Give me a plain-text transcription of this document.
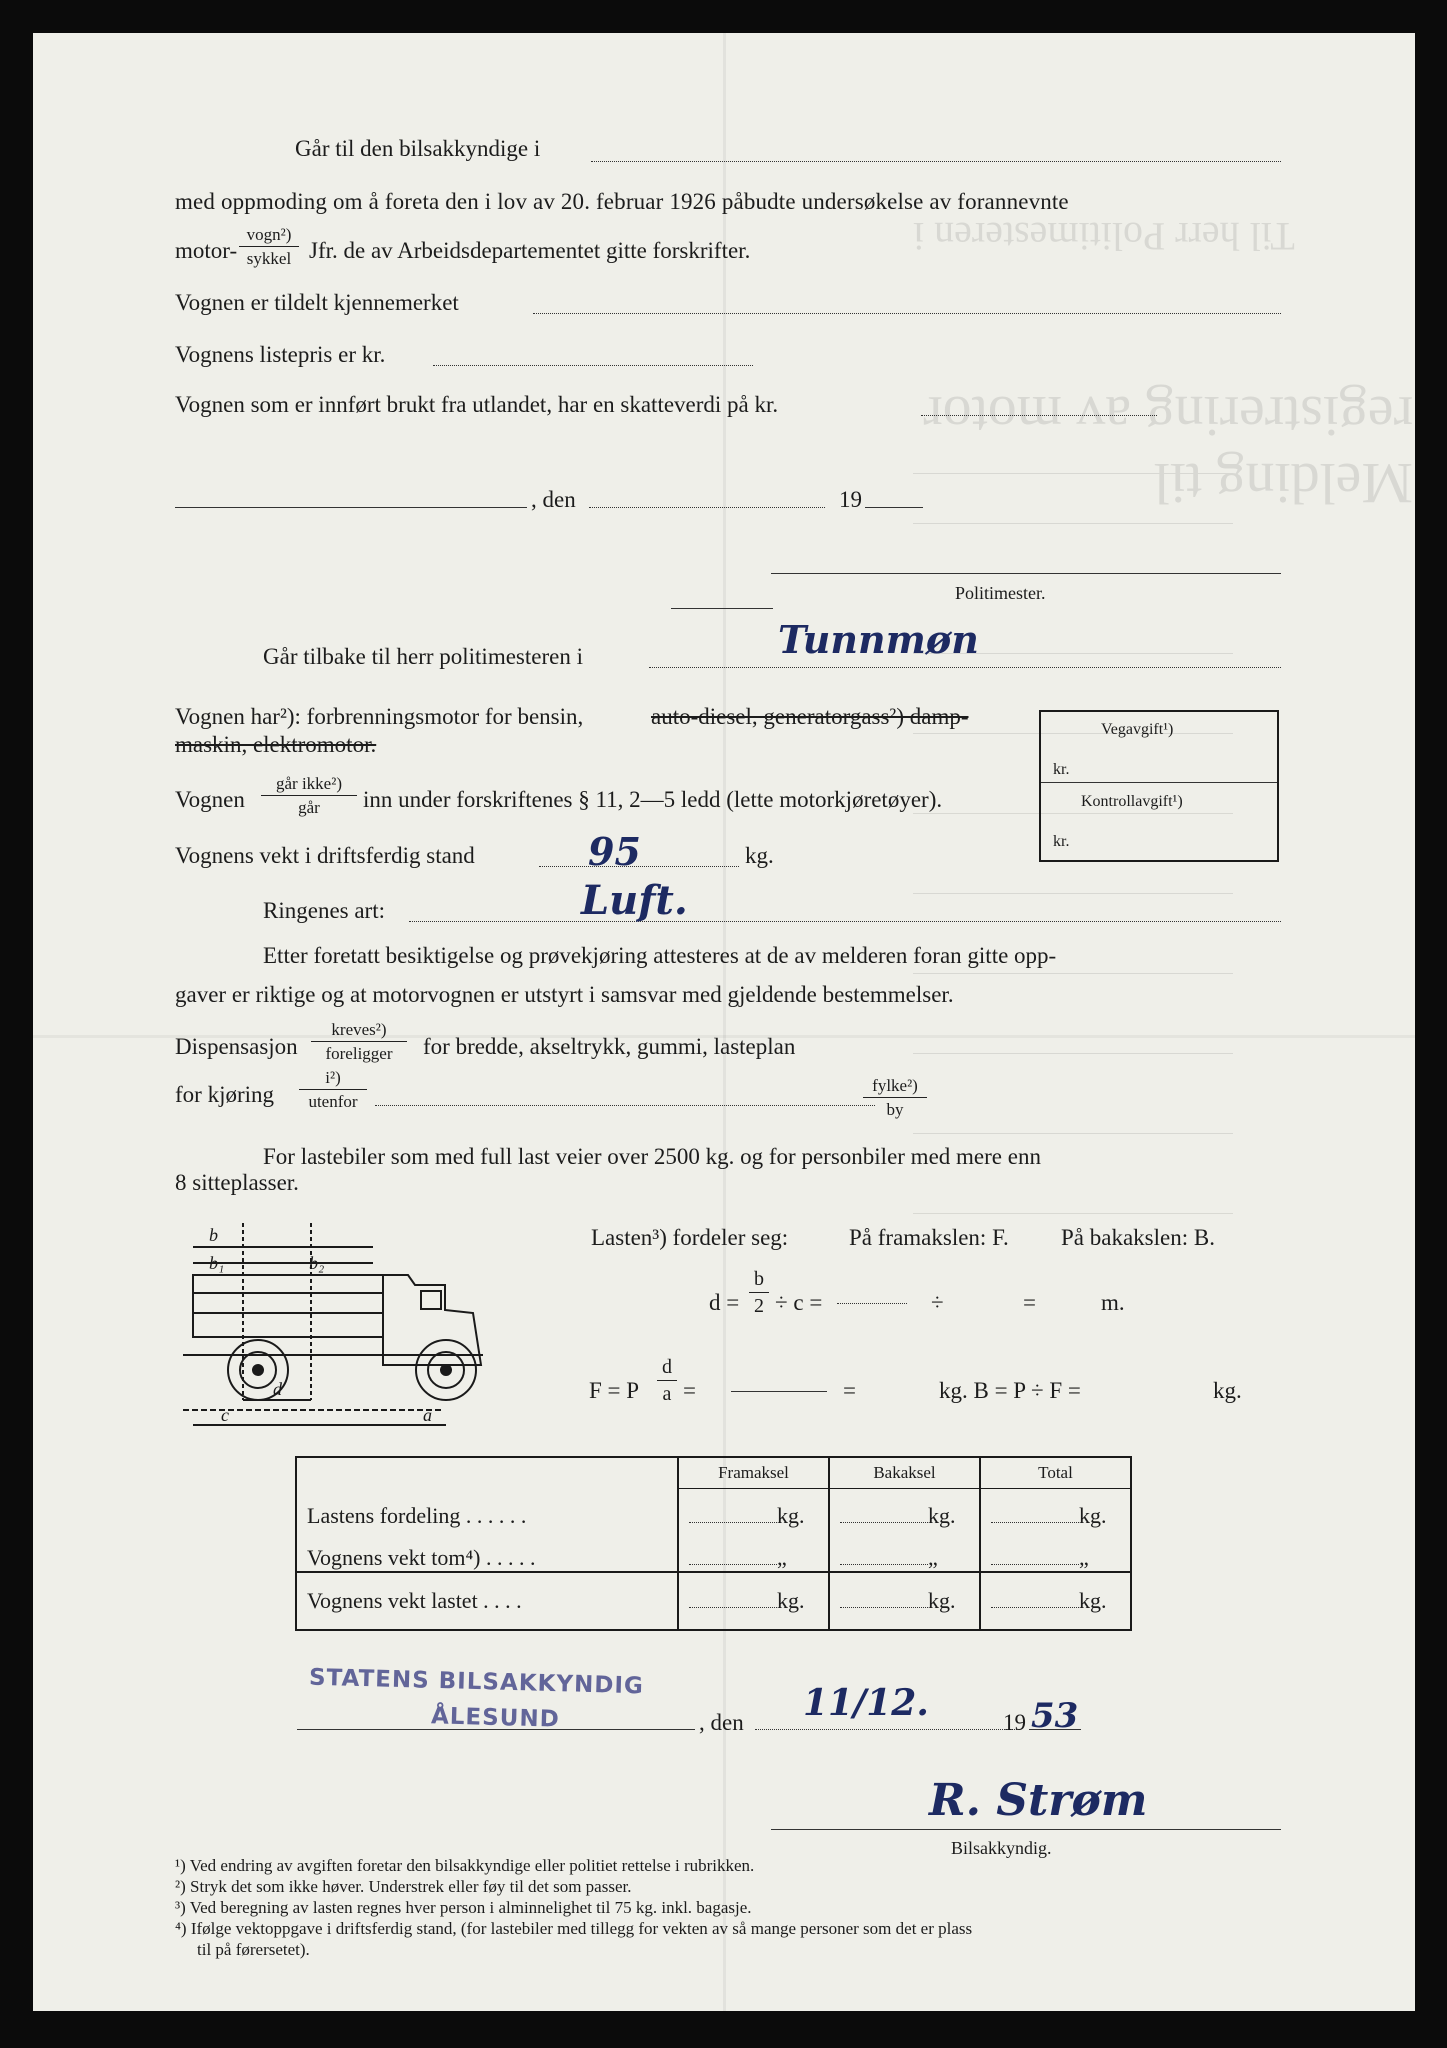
Til herr Politimesteren i
Melding til registrering av motor
Går til den bilsakkyndige i
med oppmoding om å foreta den i lov av 20. februar 1926 påbudte undersøkelse av forannevnte
motor-
vogn²)
sykkel Jfr. de av Arbeidsdepartementet gitte forskrifter.
Vognen er tildelt kjennemerket
Vognens listepris er kr.
Vognen som er innført brukt fra utlandet, har en skatteverdi på kr.
, den	19
Politimester.
Går tilbake til herr politimesteren i	Tunnmøn
Vegavgift¹)
kr.
Kontrollavgift¹)
kr.
Vognen har²): forbrenningsmotor for bensin,	auto-diesel, generatorgass²) damp-
maskin, elektromotor.
Vognen
går ikke²)
går	inn under forskriftenes § 11, 2—5 ledd (lette motorkjøretøyer).
Vognens vekt i driftsferdig stand	95	kg.
Ringenes art:	Luft.
Etter foretatt besiktigelse og prøvekjøring attesteres at de av melderen foran gitte opp-
gaver er riktige og at motorvognen er utstyrt i samsvar med gjeldende bestemmelser.
Dispensasjon
kreves²)
foreligger	for bredde, akseltrykk, gummi, lasteplan
for kjøring
i²)
utenfor
fylke²)
by
For lastebiler som med full last veier over 2500 kg. og for personbiler med mere enn
8 sitteplasser.
b
b₁	b₂
d
c	a
Lasten³) fordeler seg:	På framakslen: F. På bakakslen: B.
d =
b
2 ÷ c =	÷	=	m.
F = P
d
a =	=	kg. B = P ÷ F =	kg.
	Framaksel	Bakaksel	Total
Lastens fordeling . . . . . .	kg.	kg.	kg.
Vognens vekt tom⁴) . . . . .	„	„	„
Vognens vekt lastet . . . .	kg.	kg.	kg.
STATENS BILSAKKYNDIG
ÅLESUND	, den 11/12.	19 53
R. Strøm
Bilsakkyndig.
¹) Ved endring av avgiften foretar den bilsakkyndige eller politiet rettelse i rubrikken.
²) Stryk det som ikke høver. Understrek eller føy til det som passer.
³) Ved beregning av lasten regnes hver person i alminnelighet til 75 kg. inkl. bagasje.
⁴) Ifølge vektoppgave i driftsferdig stand, (for lastebiler med tillegg for vekten av så mange personer som det er plass
til på førersetet).
